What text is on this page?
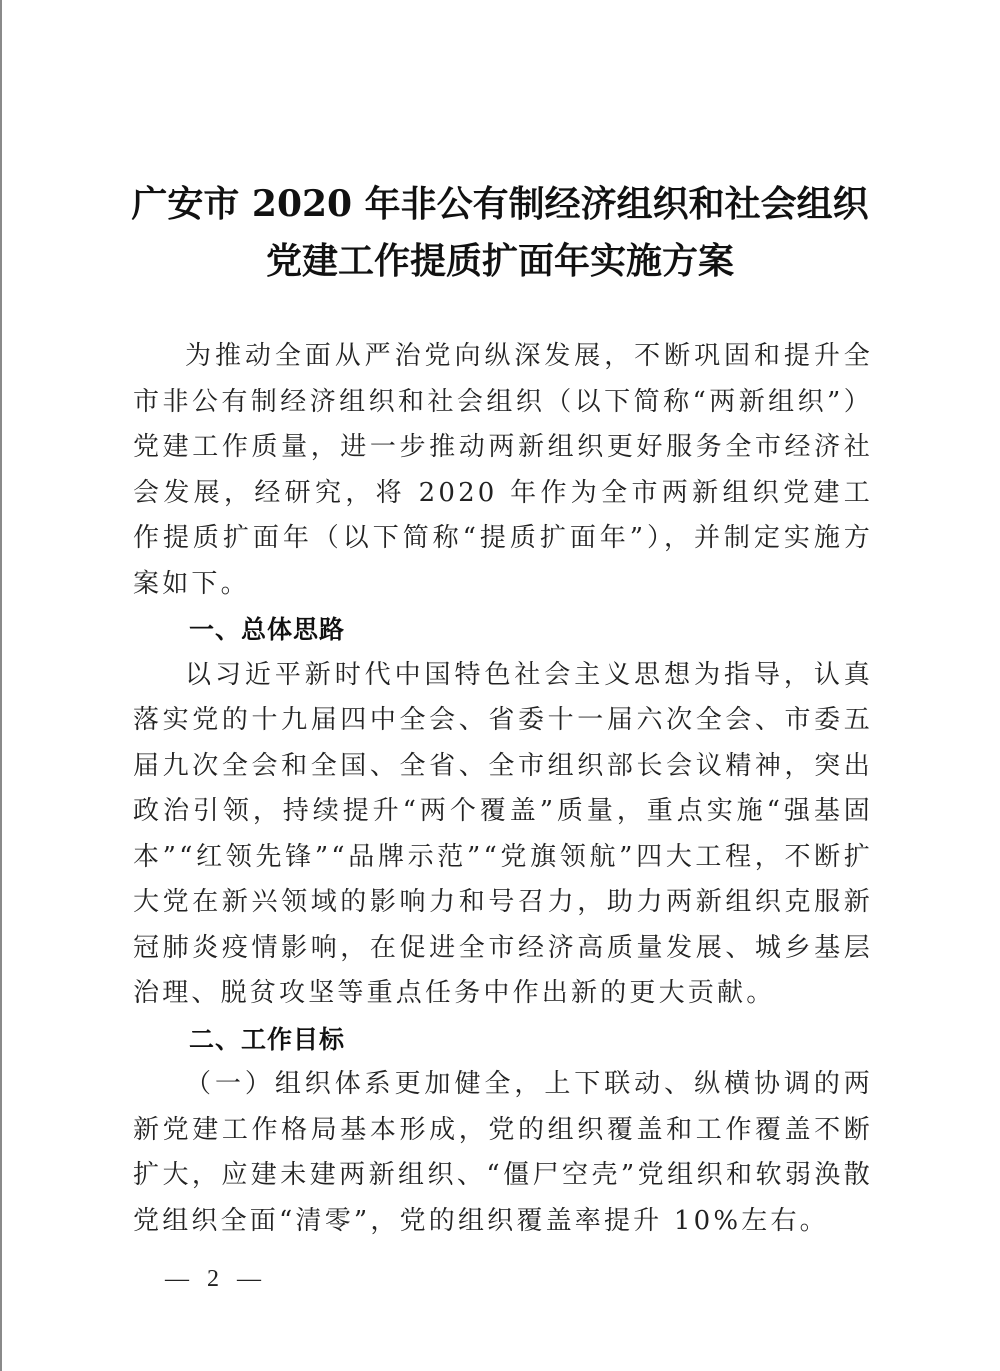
广安市 2020 年非公有制经济组织和社会组织
党建工作提质扩面年实施方案

为推动全面从严治党向纵深发展，不断巩固和提升全市非公有制经济组织和社会组织（以下简称“两新组织”）党建工作质量，进一步推动两新组织更好服务全市经济社会发展，经研究，将 2020 年作为全市两新组织党建工作提质扩面年（以下简称“提质扩面年”），并制定实施方案如下。

一、总体思路

以习近平新时代中国特色社会主义思想为指导，认真落实党的十九届四中全会、省委十一届六次全会、市委五届九次全会和全国、全省、全市组织部长会议精神，突出政治引领，持续提升“两个覆盖”质量，重点实施“强基固本”“红领先锋”“品牌示范”“党旗领航”四大工程，不断扩大党在新兴领域的影响力和号召力，助力两新组织克服新冠肺炎疫情影响，在促进全市经济高质量发展、城乡基层治理、脱贫攻坚等重点任务中作出新的更大贡献。

二、工作目标

（一）组织体系更加健全，上下联动、纵横协调的两新党建工作格局基本形成，党的组织覆盖和工作覆盖不断扩大，应建未建两新组织、“僵尸空壳”党组织和软弱涣散党组织全面“清零”，党的组织覆盖率提升 10%左右。

— 2 —
